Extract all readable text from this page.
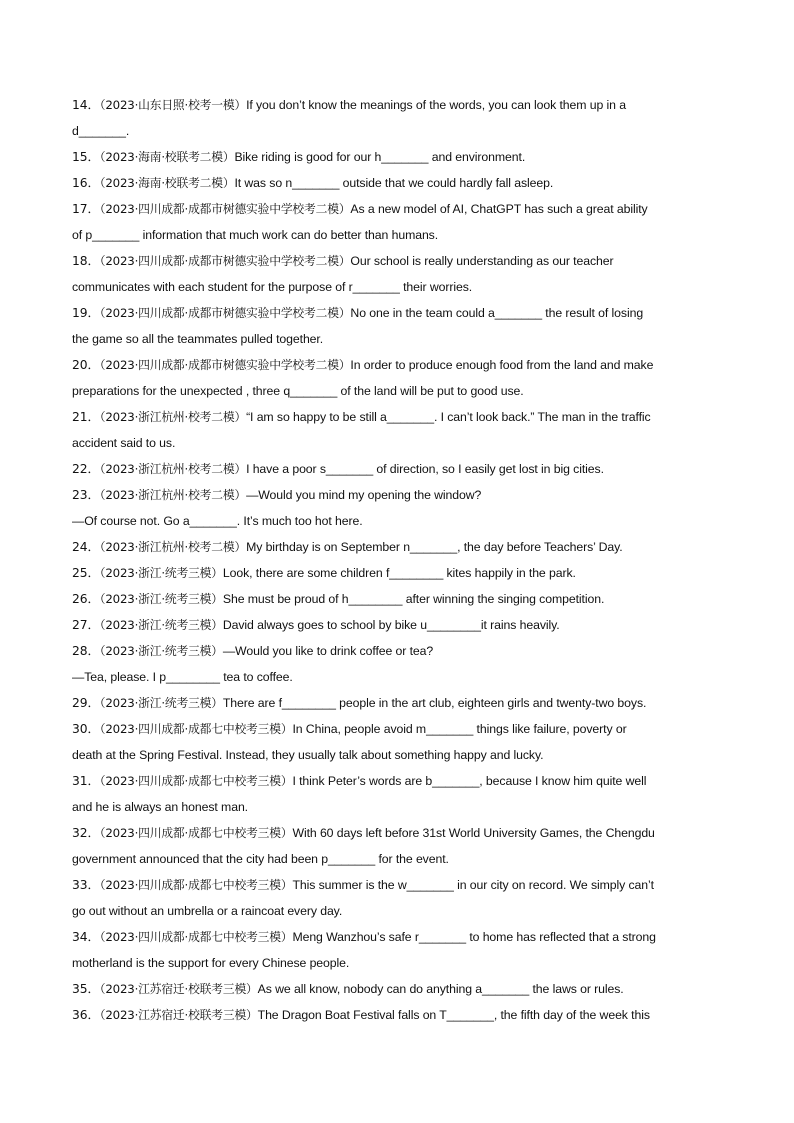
14．（2023·山东日照·校考一模）If you don’t know the meanings of the words, you can look them up in a
d_______.
15．（2023·海南·校联考二模）Bike riding is good for our h_______ and environment.
16．（2023·海南·校联考二模）It was so n_______ outside that we could hardly fall asleep.
17．（2023·四川成都·成都市树德实验中学校考二模）As a new model of AI, ChatGPT has such a great ability
of p_______ information that much work can do better than humans.
18．（2023·四川成都·成都市树德实验中学校考二模）Our school is really understanding as our teacher
communicates with each student for the purpose of r_______ their worries.
19．（2023·四川成都·成都市树德实验中学校考二模）No one in the team could a_______ the result of losing
the game so all the teammates pulled together.
20．（2023·四川成都·成都市树德实验中学校考二模）In order to produce enough food from the land and make
preparations for the unexpected , three q_______ of the land will be put to good use.
21．（2023·浙江杭州·校考二模）“I am so happy to be still a_______. I can’t look back.” The man in the traffic
accident said to us.
22．（2023·浙江杭州·校考二模）I have a poor s_______ of direction, so I easily get lost in big cities.
23．（2023·浙江杭州·校考二模）—Would you mind my opening the window?
—Of course not. Go a_______. It’s much too hot here.
24．（2023·浙江杭州·校考二模）My birthday is on September n_______, the day before Teachers’ Day.
25．（2023·浙江·统考三模）Look, there are some children f________ kites happily in the park.
26．（2023·浙江·统考三模）She must be proud of h________ after winning the singing competition.
27．（2023·浙江·统考三模）David always goes to school by bike u________it rains heavily.
28．（2023·浙江·统考三模）—Would you like to drink coffee or tea?
—Tea, please. I p________ tea to coffee.
29．（2023·浙江·统考三模）There are f________ people in the art club, eighteen girls and twenty-two boys.
30．（2023·四川成都·成都七中校考三模）In China, people avoid m_______ things like failure, poverty or
death at the Spring Festival. Instead, they usually talk about something happy and lucky.
31．（2023·四川成都·成都七中校考三模）I think Peter’s words are b_______, because I know him quite well
and he is always an honest man.
32．（2023·四川成都·成都七中校考三模）With 60 days left before 31st World University Games, the Chengdu
government announced that the city had been p_______ for the event.
33．（2023·四川成都·成都七中校考三模）This summer is the w_______ in our city on record. We simply can’t
go out without an umbrella or a raincoat every day.
34．（2023·四川成都·成都七中校考三模）Meng Wanzhou’s safe r_______ to home has reflected that a strong
motherland is the support for every Chinese people.
35．（2023·江苏宿迁·校联考三模）As we all know, nobody can do anything a_______ the laws or rules.
36．（2023·江苏宿迁·校联考三模）The Dragon Boat Festival falls on T_______, the fifth day of the week this
